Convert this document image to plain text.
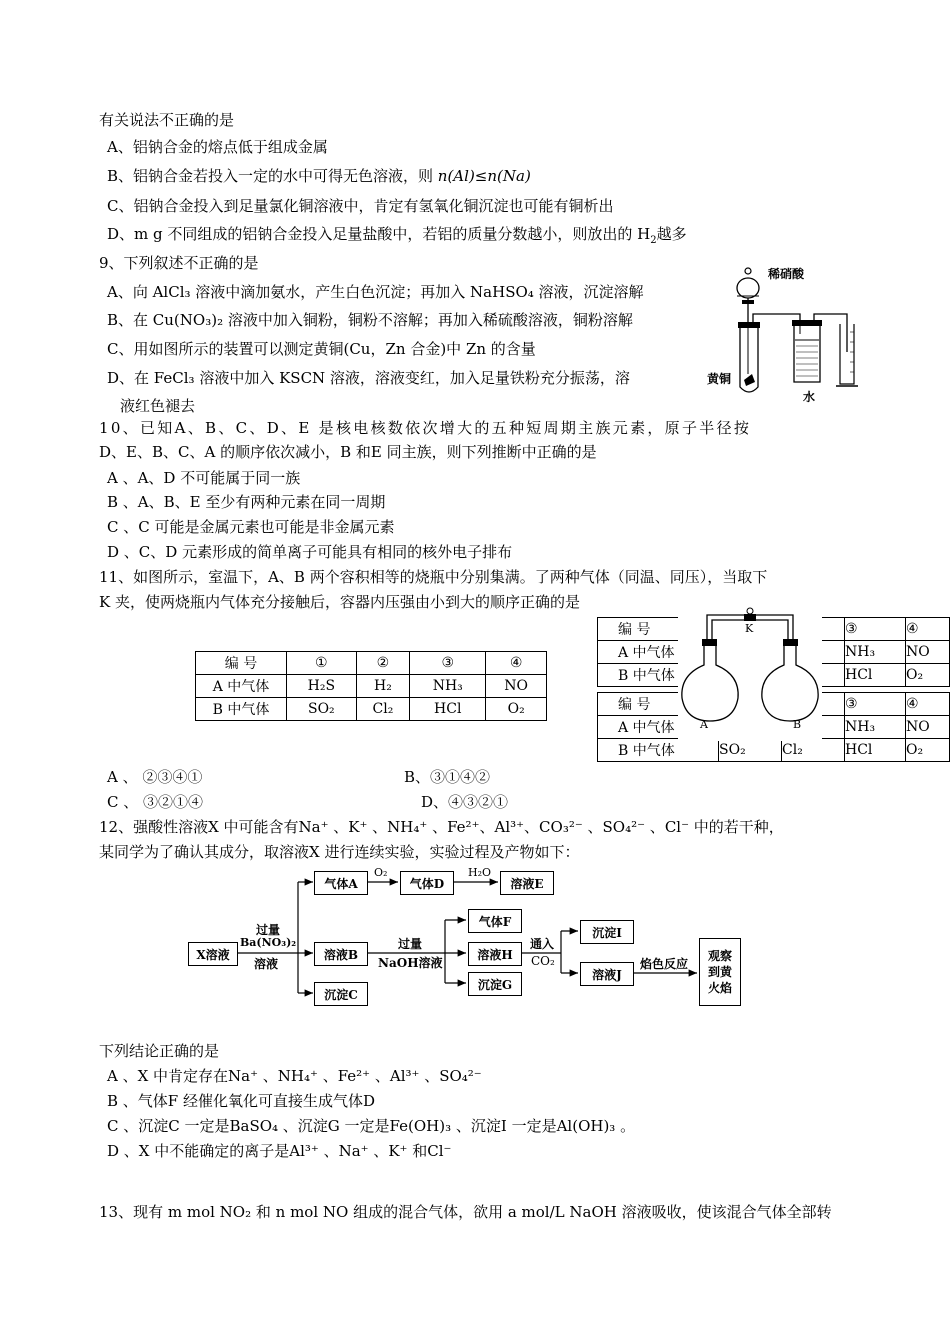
有关说法不正确的是
A、铝钠合金的熔点低于组成金属
B、铝钠合金若投入一定的水中可得无色溶液，则 n(Al)≤n(Na)
C、铝钠合金投入到足量氯化铜溶液中，肯定有氢氧化铜沉淀也可能有铜析出
D、m g 不同组成的铝钠合金投入足量盐酸中，若铝的质量分数越小，则放出的 $H_2$越多
9、下列叙述不正确的是
A、向 AlCl₃ 溶液中滴加氨水，产生白色沉淀；再加入 NaHSO₄ 溶液，沉淀溶解
B、在 Cu(NO₃)₂ 溶液中加入铜粉，铜粉不溶解；再加入稀硫酸溶液，铜粉溶解
C、用如图所示的装置可以测定黄铜(Cu，Zn 合金)中 Zn 的含量
D、在 FeCl₃ 溶液中加入 KSCN 溶液，溶液变红，加入足量铁粉充分振荡，溶
液红色褪去
稀硝酸
黄铜
水
10、已知A、B、C、D、E 是核电核数依次增大的五种短周期主族元素，原子半径按
D、E、B、C、A 的顺序依次减小，B 和E 同主族，则下列推断中正确的是
A 、A、D 不可能属于同一族
B 、A、B、E 至少有两种元素在同一周期
C 、C 可能是金属元素也可能是非金属元素
D 、C、D 元素形成的简单离子可能具有相同的核外电子排布
11、如图所示，室温下，A、B 两个容积相等的烧瓶中分别集满。了两种气体（同温、同压），当取下
K 夹，使两烧瓶内气体充分接触后，容器内压强由小到大的顺序正确的是
编 号	①	②	③	④
A 中气体	H₂S	H₂	NH₃	NO
B 中气体	SO₂	Cl₂	HCl	O₂
编 号			③	④
A 中气体			NH₃	NO
B 中气体			HCl	O₂
编 号			③	④
A 中气体			NH₃	NO
B 中气体	SO₂	Cl₂	HCl	O₂
K
A	B
A 、 ②③④①	B、③①④②
C 、 ③②①④	D、④③②①
12、强酸性溶液X 中可能含有Na⁺ 、K⁺ 、NH₄⁺ 、Fe²⁺、Al³⁺、CO₃²⁻ 、SO₄²⁻ 、Cl⁻ 中的若干种，
某同学为了确认其成分，取溶液X 进行连续实验，实验过程及产物如下：
X溶液
过量
Ba(NO₃)₂
溶液
气体A
O₂
气体D
H₂O
溶液E
溶液B
过量
NaOH溶液
沉淀C
气体F
溶液H
沉淀G
通入
CO₂
沉淀I
溶液J
焰色反应
观察到黄火焰
下列结论正确的是
A 、X 中肯定存在Na⁺ 、NH₄⁺ 、Fe²⁺ 、Al³⁺ 、SO₄²⁻
B 、气体F 经催化氧化可直接生成气体D
C 、沉淀C 一定是BaSO₄ 、沉淀G 一定是Fe(OH)₃ 、沉淀I 一定是Al(OH)₃ 。
D 、X 中不能确定的离子是Al³⁺ 、Na⁺ 、K⁺ 和Cl⁻
13、现有 m mol NO₂ 和 n mol NO 组成的混合气体，欲用 a mol/L NaOH 溶液吸收，使该混合气体全部转
